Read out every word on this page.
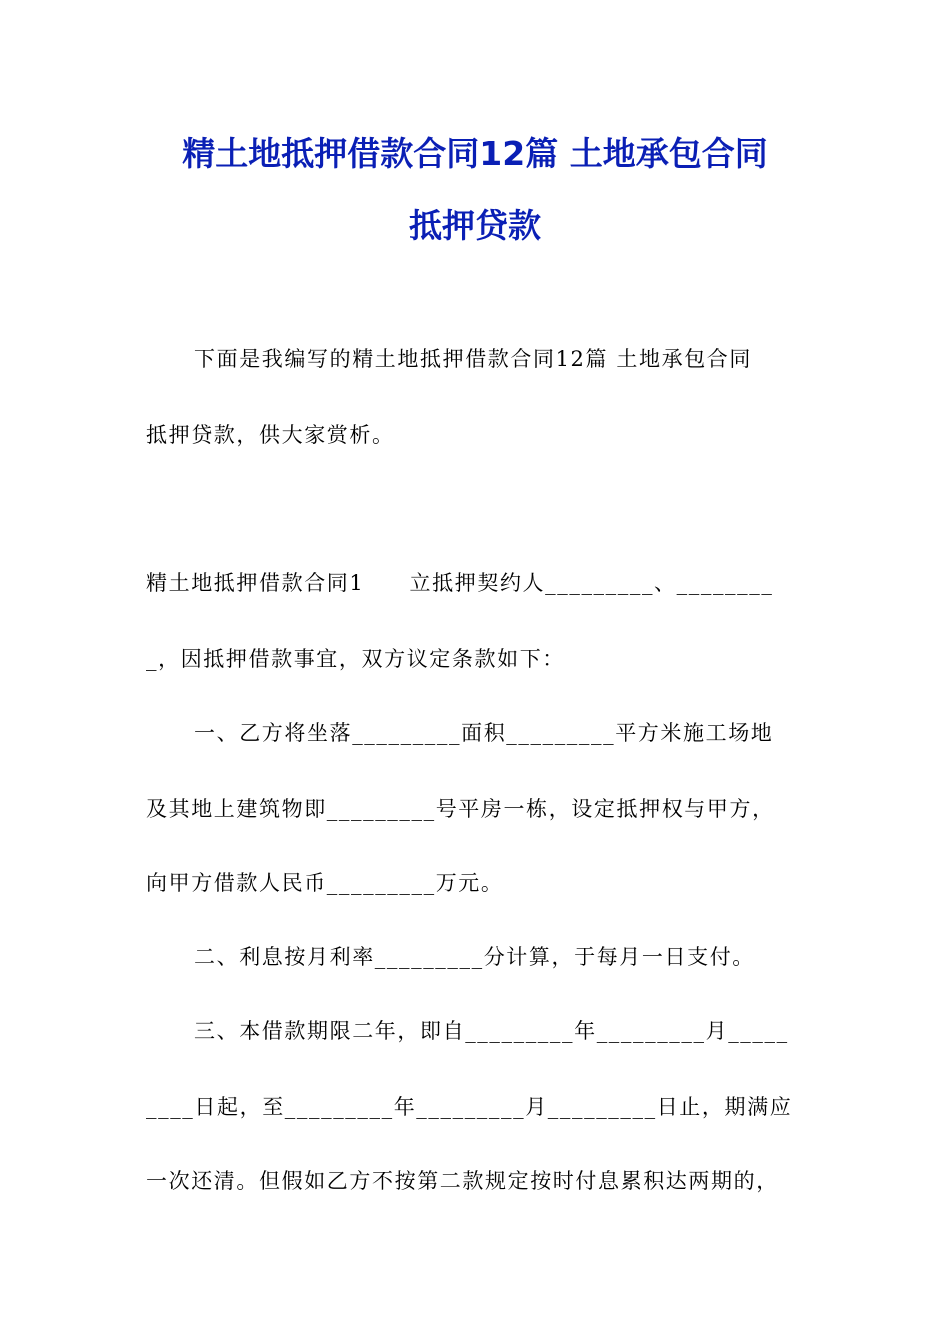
精土地抵押借款合同12篇 土地承包合同
抵押贷款
下面是我编写的精土地抵押借款合同12篇 土地承包合同
抵押贷款，供大家赏析。
精土地抵押借款合同1　　立抵押契约人_________、________
_，因抵押借款事宜，双方议定条款如下：
一、乙方将坐落_________面积_________平方米施工场地
及其地上建筑物即_________号平房一栋，设定抵押权与甲方，
向甲方借款人民币_________万元。
二、利息按月利率_________分计算，于每月一日支付。
三、本借款期限二年，即自_________年_________月_____
____日起，至_________年_________月_________日止，期满应
一次还清。但假如乙方不按第二款规定按时付息累积达两期的，
